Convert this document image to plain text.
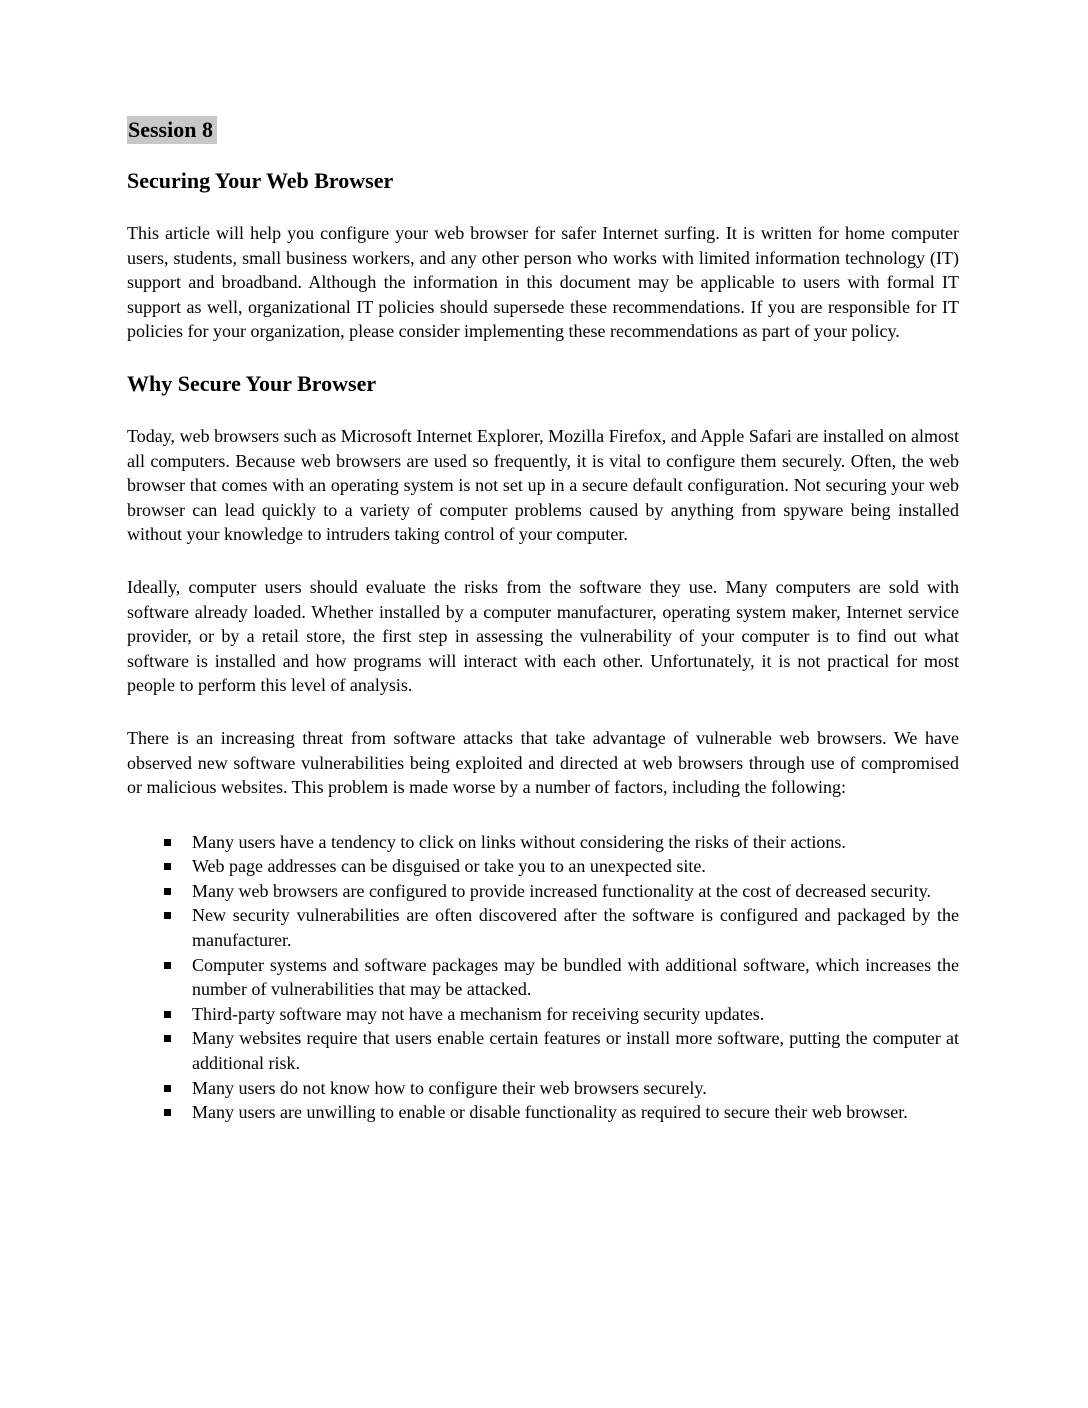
Session 8

Securing Your Web Browser

This article will help you configure your web browser for safer Internet surfing. It is written for home computer users, students, small business workers, and any other person who works with limited information technology (IT) support and broadband. Although the information in this document may be applicable to users with formal IT support as well, organizational IT policies should supersede these recommendations. If you are responsible for IT policies for your organization, please consider implementing these recommendations as part of your policy.

Why Secure Your Browser

Today, web browsers such as Microsoft Internet Explorer, Mozilla Firefox, and Apple Safari are installed on almost all computers. Because web browsers are used so frequently, it is vital to configure them securely. Often, the web browser that comes with an operating system is not set up in a secure default configuration. Not securing your web browser can lead quickly to a variety of computer problems caused by anything from spyware being installed without your knowledge to intruders taking control of your computer.

Ideally, computer users should evaluate the risks from the software they use. Many computers are sold with software already loaded. Whether installed by a computer manufacturer, operating system maker, Internet service provider, or by a retail store, the first step in assessing the vulnerability of your computer is to find out what software is installed and how programs will interact with each other. Unfortunately, it is not practical for most people to perform this level of analysis.

There is an increasing threat from software attacks that take advantage of vulnerable web browsers. We have observed new software vulnerabilities being exploited and directed at web browsers through use of compromised or malicious websites. This problem is made worse by a number of factors, including the following:

Many users have a tendency to click on links without considering the risks of their actions.
Web page addresses can be disguised or take you to an unexpected site.
Many web browsers are configured to provide increased functionality at the cost of decreased security.
New security vulnerabilities are often discovered after the software is configured and packaged by the manufacturer.
Computer systems and software packages may be bundled with additional software, which increases the number of vulnerabilities that may be attacked.
Third-party software may not have a mechanism for receiving security updates.
Many websites require that users enable certain features or install more software, putting the computer at additional risk.
Many users do not know how to configure their web browsers securely.
Many users are unwilling to enable or disable functionality as required to secure their web browser.
